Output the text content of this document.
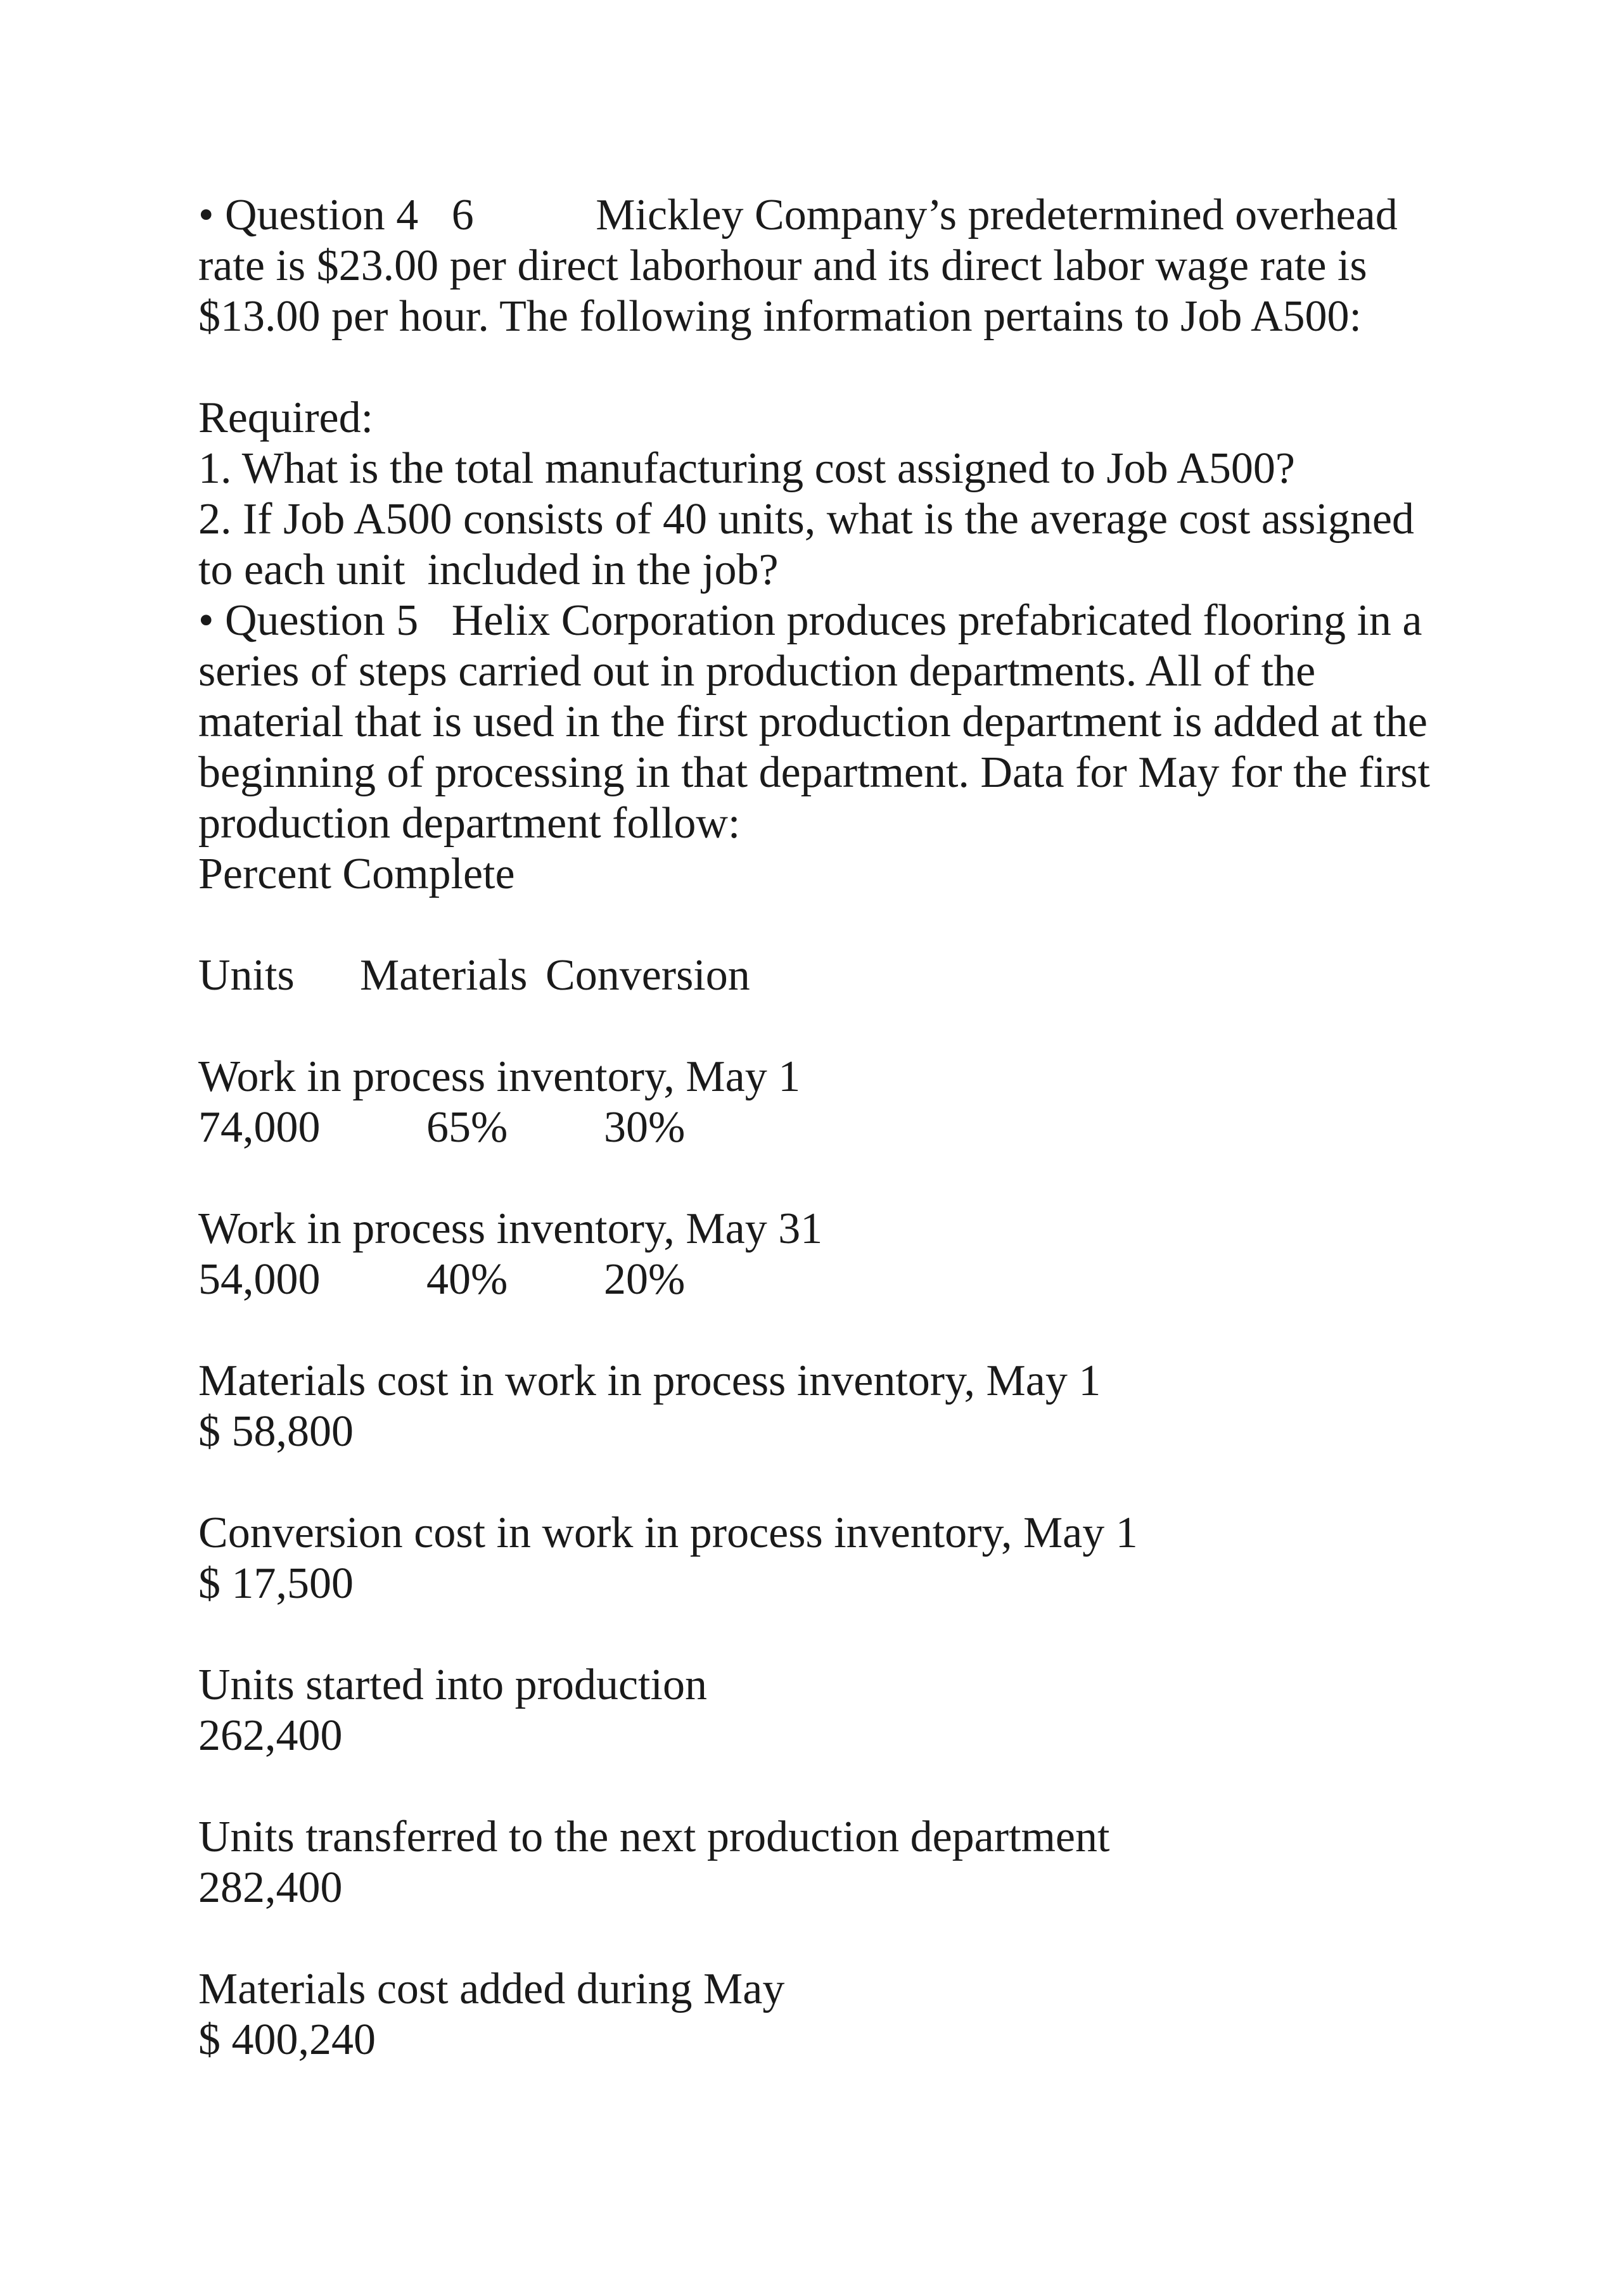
• Question 4   6           Mickley Company’s predetermined overhead
rate is $23.00 per direct laborhour and its direct labor wage rate is
$13.00 per hour. The following information pertains to Job A500:
Required:
1. What is the total manufacturing cost assigned to Job A500?
2. If Job A500 consists of 40 units, what is the average cost assigned
to each unit  included in the job?
• Question 5   Helix Corporation produces prefabricated flooring in a
series of steps carried out in production departments. All of the
material that is used in the first production department is added at the
beginning of processing in that department. Data for May for the first
production department follow:
Percent Complete
Units Materials Conversion
Work in process inventory, May 1
74,000 65% 30%
Work in process inventory, May 31
54,000 40% 20%
Materials cost in work in process inventory, May 1
$ 58,800
Conversion cost in work in process inventory, May 1
$ 17,500
Units started into production
262,400
Units transferred to the next production department
282,400
Materials cost added during May
$ 400,240
